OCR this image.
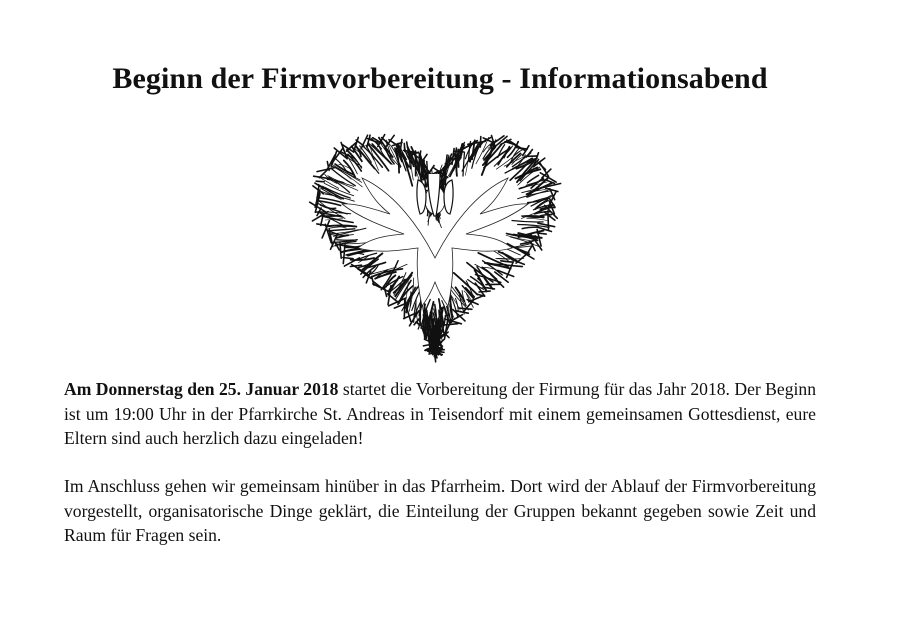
Beginn der Firmvorbereitung - Informationsabend

Am Donnerstag den 25. Januar 2018 startet die Vorbereitung der Firmung für das Jahr 2018. Der Beginn ist um 19:00 Uhr in der Pfarrkirche St. Andreas in Teisendorf mit einem gemeinsamen Gottesdienst, eure Eltern sind auch herzlich dazu eingeladen!

Im Anschluss gehen wir gemeinsam hinüber in das Pfarrheim. Dort wird der Ablauf der Firmvorbereitung vorgestellt, organisatorische Dinge geklärt, die Einteilung der Gruppen bekannt gegeben sowie Zeit und Raum für Fragen sein.
